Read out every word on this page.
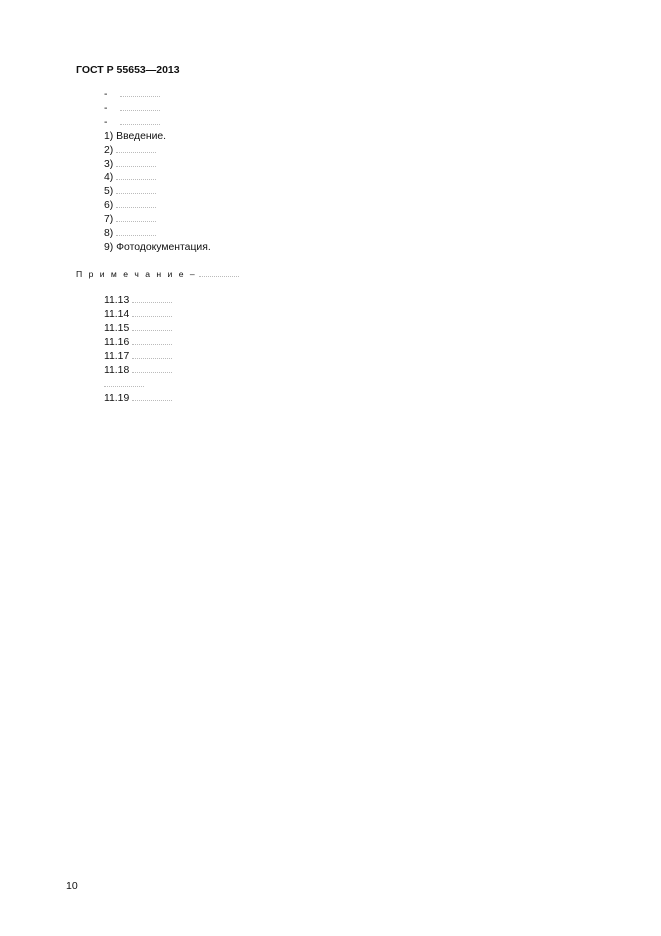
ГОСТ Р 55653—2013

-

-

-

1) Введение.

2)

3)

4)

5)

6)

7)

8)

9) Фотодокументация.

П р и м е ч а н и е –

11.13

11.14

11.15

11.16

11.17

11.18

11.19

10
